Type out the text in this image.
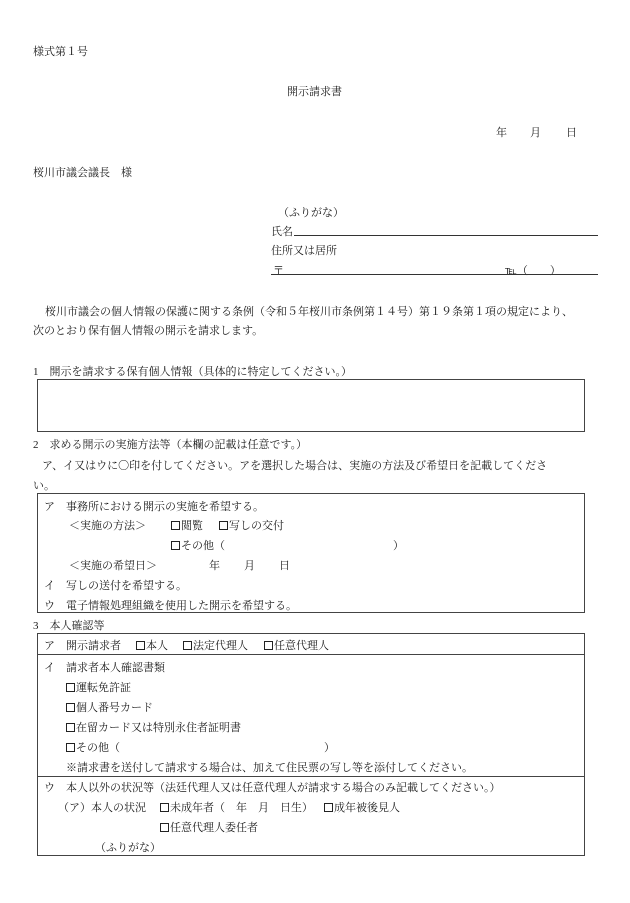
様式第１号
開示請求書
年 月 日
桜川市議会議長　様
（ふりがな）
氏名
住所又は居所
〒	℡（　　）
桜川市議会の個人情報の保護に関する条例（令和５年桜川市条例第１４号）第１９条第１項の規定により、
次のとおり保有個人情報の開示を請求します。
1　開示を請求する保有個人情報（具体的に特定してください。）
2　求める開示の実施方法等（本欄の記載は任意です。）
ア、イ又はウに〇印を付してください。アを選択した場合は、実施の方法及び希望日を記載してくださ
い。
ア　事務所における開示の実施を希望する。
＜実施の方法＞	閲覧	写しの交付
その他（	）
＜実施の希望日＞	年 月 日
イ　写しの送付を希望する。
ウ　電子情報処理組織を使用した開示を希望する。
3　本人確認等
ア　開示請求者	本人	法定代理人	任意代理人
イ　請求者本人確認書類
運転免許証
個人番号カード
在留カード又は特別永住者証明書
その他（	）
※請求書を送付して請求する場合は、加えて住民票の写し等を添付してください。
ウ　本人以外の状況等（法廷代理人又は任意代理人が請求する場合のみ記載してください。）
（ア）本人の状況	未成年者（　年　月　日生）	成年被後見人
任意代理人委任者
（ふりがな）
